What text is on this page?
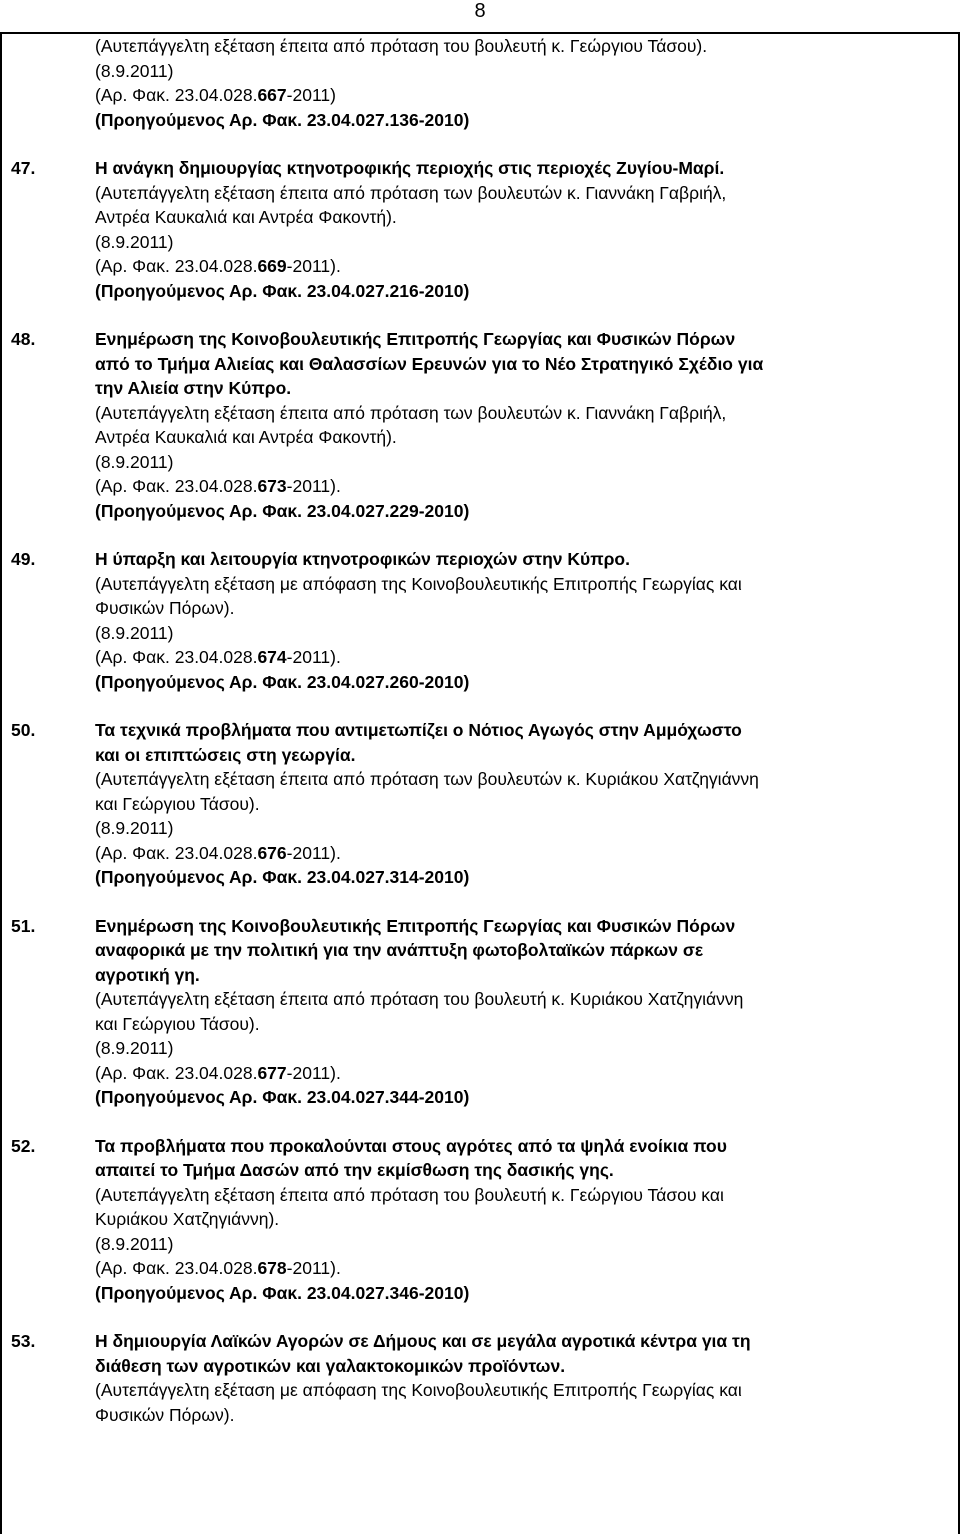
8
(Αυτεπάγγελτη εξέταση έπειτα από πρόταση του βουλευτή κ. Γεώργιου Τάσου).
(8.9.2011)
(Αρ. Φακ. 23.04.028.667-2011)
(Προηγούμενος Αρ. Φακ. 23.04.027.136-2010)
47.	Η ανάγκη δημιουργίας κτηνοτροφικής περιοχής στις περιοχές Ζυγίου-Μαρί.
(Αυτεπάγγελτη εξέταση έπειτα από πρόταση των βουλευτών κ. Γιαννάκη Γαβριήλ,
Αντρέα Καυκαλιά και Αντρέα Φακοντή).
(8.9.2011)
(Αρ. Φακ. 23.04.028.669-2011).
(Προηγούμενος Αρ. Φακ. 23.04.027.216-2010)
48.	Ενημέρωση της Κοινοβουλευτικής Επιτροπής Γεωργίας και Φυσικών Πόρων
από το Τμήμα Αλιείας και Θαλασσίων Ερευνών για το Νέο Στρατηγικό Σχέδιο για
την Αλιεία στην Κύπρο.
(Αυτεπάγγελτη εξέταση έπειτα από πρόταση των βουλευτών κ. Γιαννάκη Γαβριήλ,
Αντρέα Καυκαλιά και Αντρέα Φακοντή).
(8.9.2011)
(Αρ. Φακ. 23.04.028.673-2011).
(Προηγούμενος Αρ. Φακ. 23.04.027.229-2010)
49.	Η ύπαρξη και λειτουργία κτηνοτροφικών περιοχών στην Κύπρο.
(Αυτεπάγγελτη εξέταση με απόφαση της Κοινοβουλευτικής Επιτροπής Γεωργίας και
Φυσικών Πόρων).
(8.9.2011)
(Αρ. Φακ. 23.04.028.674-2011).
(Προηγούμενος Αρ. Φακ. 23.04.027.260-2010)
50.	Τα τεχνικά προβλήματα που αντιμετωπίζει ο Νότιος Αγωγός στην Αμμόχωστο
και οι επιπτώσεις στη γεωργία.
(Αυτεπάγγελτη εξέταση έπειτα από πρόταση των βουλευτών κ. Κυριάκου Χατζηγιάννη
και Γεώργιου Τάσου).
(8.9.2011)
(Αρ. Φακ. 23.04.028.676-2011).
(Προηγούμενος Αρ. Φακ. 23.04.027.314-2010)
51.	Ενημέρωση της Κοινοβουλευτικής Επιτροπής Γεωργίας και Φυσικών Πόρων
αναφορικά με την πολιτική για την ανάπτυξη φωτοβολταϊκών πάρκων σε
αγροτική γη.
(Αυτεπάγγελτη εξέταση έπειτα από πρόταση του βουλευτή κ. Κυριάκου Χατζηγιάννη
και Γεώργιου Τάσου).
(8.9.2011)
(Αρ. Φακ. 23.04.028.677-2011).
(Προηγούμενος Αρ. Φακ. 23.04.027.344-2010)
52.	Τα προβλήματα που προκαλούνται στους αγρότες από τα ψηλά ενοίκια που
απαιτεί το Τμήμα Δασών από την εκμίσθωση της δασικής γης.
(Αυτεπάγγελτη εξέταση έπειτα από πρόταση του βουλευτή κ. Γεώργιου Τάσου και
Κυριάκου Χατζηγιάννη).
(8.9.2011)
(Αρ. Φακ. 23.04.028.678-2011).
(Προηγούμενος Αρ. Φακ. 23.04.027.346-2010)
53.	Η δημιουργία Λαϊκών Αγορών σε Δήμους και σε μεγάλα αγροτικά κέντρα για τη
διάθεση των αγροτικών και γαλακτοκομικών προϊόντων.
(Αυτεπάγγελτη εξέταση με απόφαση της Κοινοβουλευτικής Επιτροπής Γεωργίας και
Φυσικών Πόρων).
